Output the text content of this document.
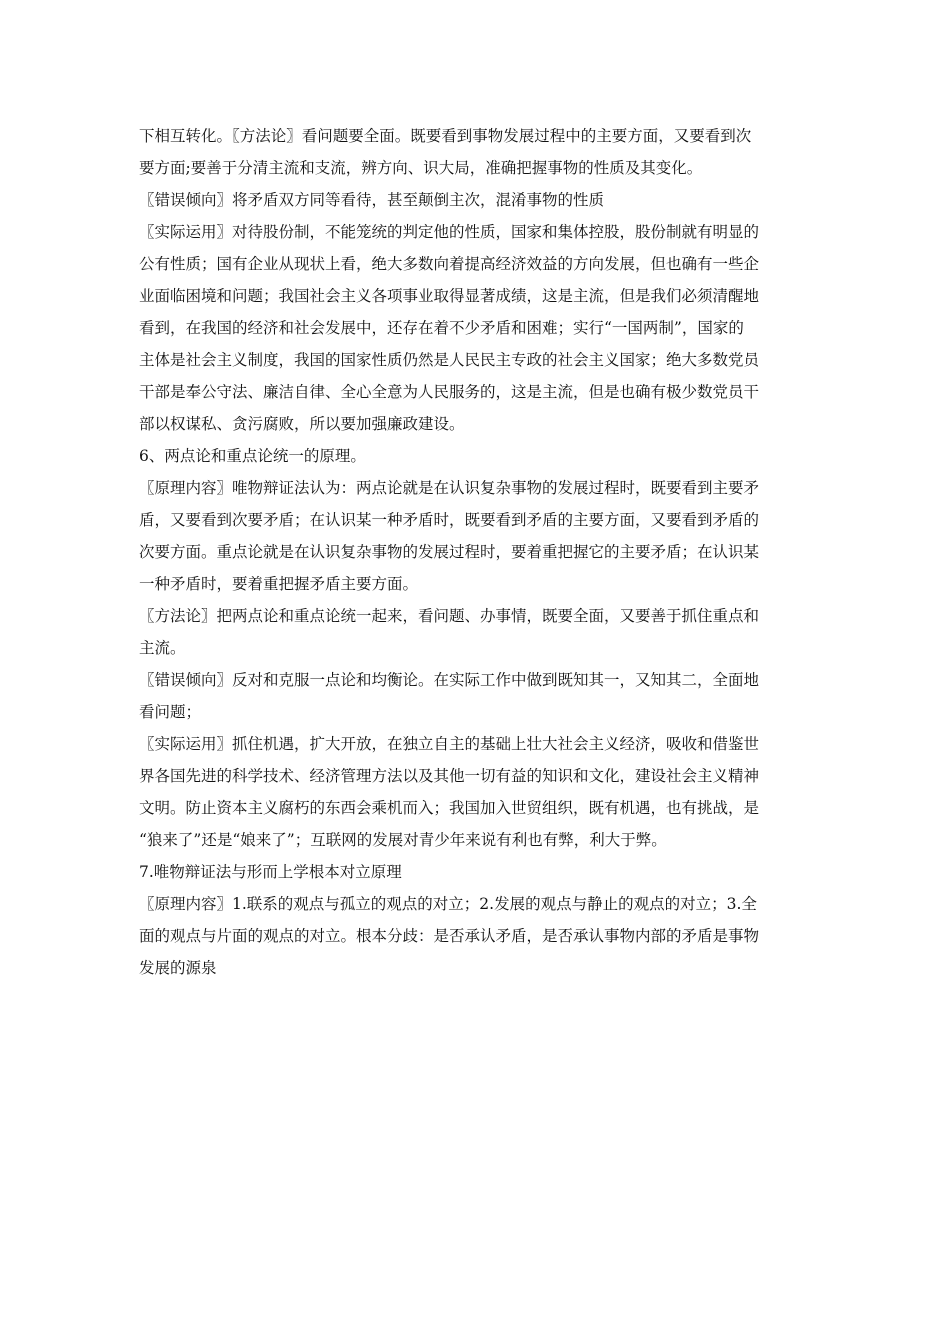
下相互转化。〖方法论〗看问题要全面。既要看到事物发展过程中的主要方面，又要看到次
要方面;要善于分清主流和支流，辨方向、识大局，准确把握事物的性质及其变化。
〖错误倾向〗将矛盾双方同等看待，甚至颠倒主次，混淆事物的性质
〖实际运用〗对待股份制，不能笼统的判定他的性质，国家和集体控股，股份制就有明显的
公有性质；国有企业从现状上看，绝大多数向着提高经济效益的方向发展，但也确有一些企
业面临困境和问题；我国社会主义各项事业取得显著成绩，这是主流，但是我们必须清醒地
看到，在我国的经济和社会发展中，还存在着不少矛盾和困难；实行“一国两制”，国家的
主体是社会主义制度，我国的国家性质仍然是人民民主专政的社会主义国家；绝大多数党员
干部是奉公守法、廉洁自律、全心全意为人民服务的，这是主流，但是也确有极少数党员干
部以权谋私、贪污腐败，所以要加强廉政建设。
6、两点论和重点论统一的原理。
〖原理内容〗唯物辩证法认为：两点论就是在认识复杂事物的发展过程时，既要看到主要矛
盾，又要看到次要矛盾；在认识某一种矛盾时，既要看到矛盾的主要方面，又要看到矛盾的
次要方面。重点论就是在认识复杂事物的发展过程时，要着重把握它的主要矛盾；在认识某
一种矛盾时，要着重把握矛盾主要方面。
〖方法论〗把两点论和重点论统一起来，看问题、办事情，既要全面，又要善于抓住重点和
主流。
〖错误倾向〗反对和克服一点论和均衡论。在实际工作中做到既知其一，又知其二，全面地
看问题；
〖实际运用〗抓住机遇，扩大开放，在独立自主的基础上壮大社会主义经济，吸收和借鉴世
界各国先进的科学技术、经济管理方法以及其他一切有益的知识和文化，建设社会主义精神
文明。防止资本主义腐朽的东西会乘机而入；我国加入世贸组织，既有机遇，也有挑战，是
“狼来了”还是“娘来了”；互联网的发展对青少年来说有利也有弊，利大于弊。
7.唯物辩证法与形而上学根本对立原理
〖原理内容〗1.联系的观点与孤立的观点的对立；2.发展的观点与静止的观点的对立；3.全
面的观点与片面的观点的对立。根本分歧：是否承认矛盾，是否承认事物内部的矛盾是事物
发展的源泉
